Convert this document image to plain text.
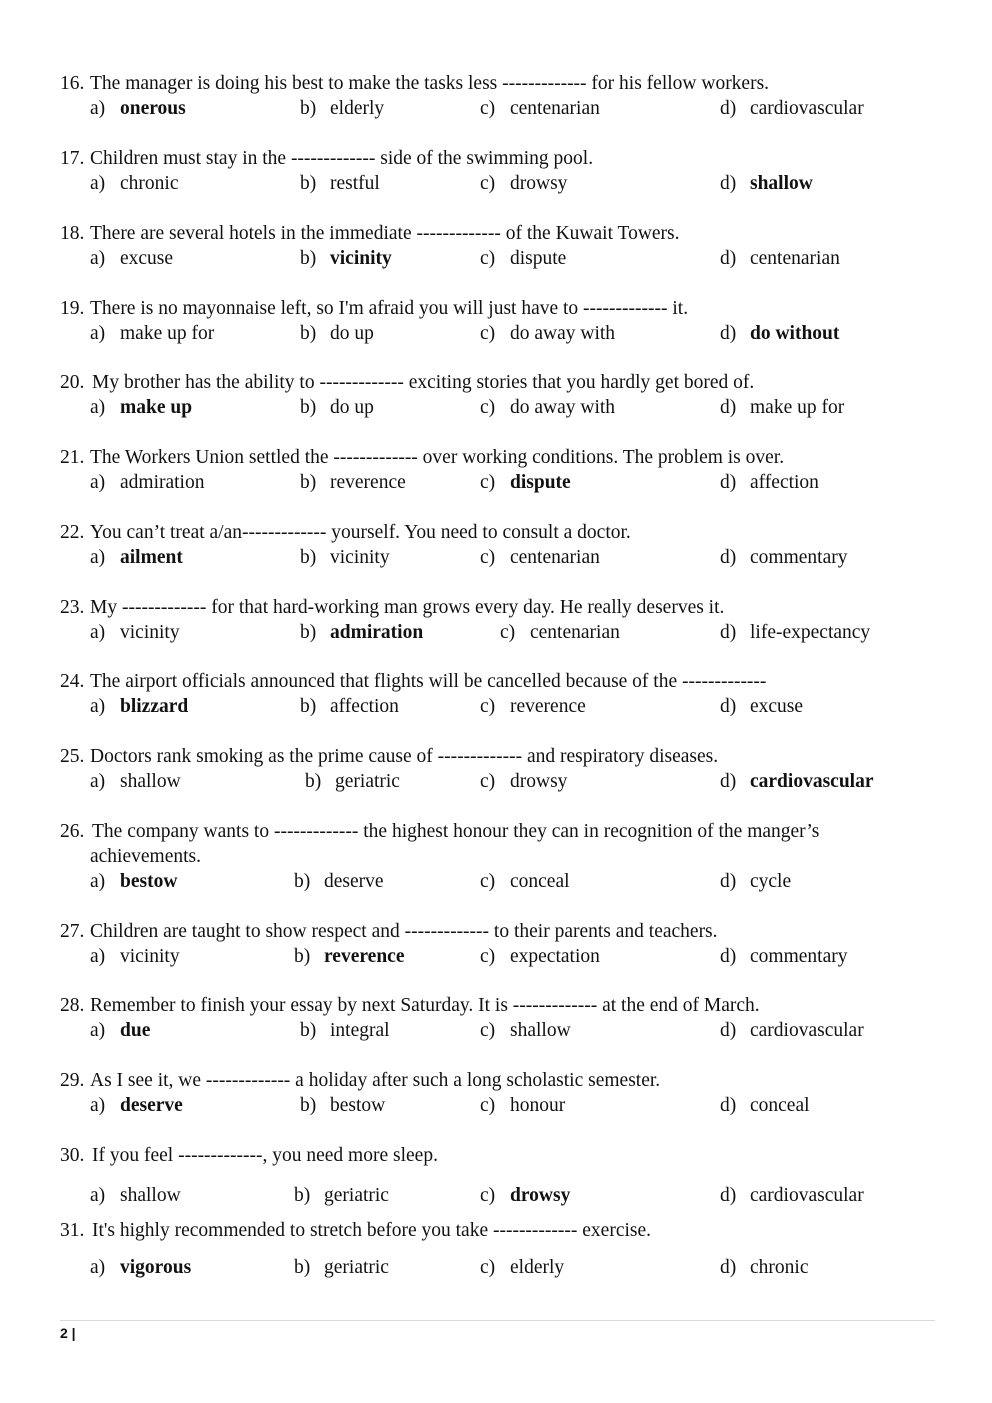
16. The manager is doing his best to make the tasks less ------------- for his fellow workers.
a) onerous	b) elderly	c) centenarian	d) cardiovascular
17. Children must stay in the ------------- side of the swimming pool.
a) chronic	b) restful	c) drowsy	d) shallow
18. There are several hotels in the immediate ------------- of the Kuwait Towers.
a) excuse	b) vicinity	c) dispute	d) centenarian
19. There is no mayonnaise left, so I'm afraid you will just have to ------------- it.
a) make up for	b) do up	c) do away with	d) do without
20. My brother has the ability to ------------- exciting stories that you hardly get bored of.
a) make up	b) do up	c) do away with	d) make up for
21. The Workers Union settled the ------------- over working conditions. The problem is over.
a) admiration	b) reverence	c) dispute	d) affection
22. You can’t treat a/an------------- yourself. You need to consult a doctor.
a) ailment	b) vicinity	c) centenarian	d) commentary
23. My ------------- for that hard-working man grows every day. He really deserves it.
a) vicinity	b) admiration	c) centenarian	d) life-expectancy
24. The airport officials announced that flights will be cancelled because of the -------------
a) blizzard	b) affection	c) reverence	d) excuse
25. Doctors rank smoking as the prime cause of ------------- and respiratory diseases.
a) shallow	b) geriatric	c) drowsy	d) cardiovascular
26. The company wants to ------------- the highest honour they can in recognition of the manger’s
achievements.
a) bestow	b) deserve	c) conceal	d) cycle
27. Children are taught to show respect and ------------- to their parents and teachers.
a) vicinity	b) reverence	c) expectation	d) commentary
28. Remember to finish your essay by next Saturday. It is ------------- at the end of March.
a) due	b) integral	c) shallow	d) cardiovascular
29. As I see it, we ------------- a holiday after such a long scholastic semester.
a) deserve	b) bestow	c) honour	d) conceal
30. If you feel -------------, you need more sleep.
a) shallow	b) geriatric	c) drowsy	d) cardiovascular
31. It's highly recommended to stretch before you take ------------- exercise.
a) vigorous	b) geriatric	c) elderly	d) chronic
2 |
